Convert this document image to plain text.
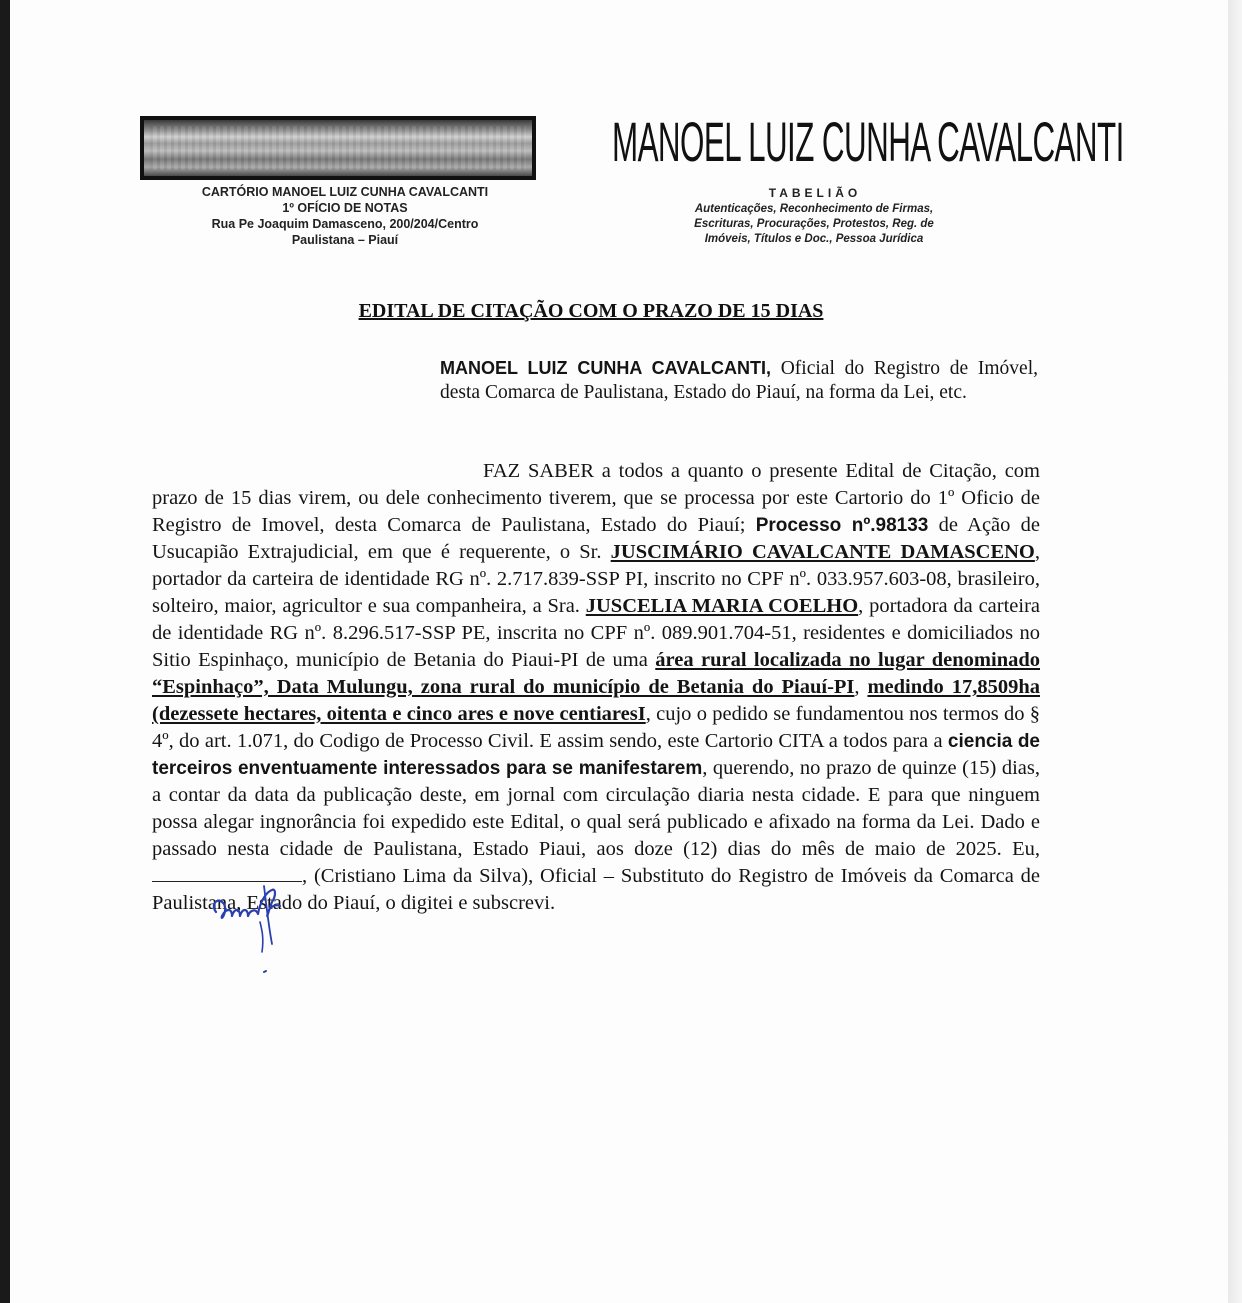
CARTÓRIO MANOEL LUIZ CUNHA CAVALCANTI
1º OFÍCIO DE NOTAS
Rua Pe Joaquim Damasceno, 200/204/Centro
Paulistana – Piauí
MANOEL LUIZ CUNHA CAVALCANTI
TABELIÃO
Autenticações, Reconhecimento de Firmas,
Escrituras, Procurações, Protestos, Reg. de
Imóveis, Títulos e Doc., Pessoa Jurídica
EDITAL DE CITAÇÃO COM O PRAZO DE 15 DIAS
MANOEL LUIZ CUNHA CAVALCANTI, Oficial do Registro de Imóvel, desta Comarca de Paulistana, Estado do Piauí, na forma da Lei, etc.
FAZ SABER a todos a quanto o presente Edital de Citação, com prazo de 15 dias virem, ou dele conhecimento tiverem, que se processa por este Cartorio do 1º Oficio de Registro de Imovel, desta Comarca de Paulistana, Estado do Piauí; Processo nº.98133 de Ação de Usucapião Extrajudicial, em que é requerente, o Sr. JUSCIMÁRIO CAVALCANTE DAMASCENO, portador da carteira de identidade RG nº. 2.717.839-SSP PI, inscrito no CPF nº. 033.957.603-08, brasileiro, solteiro, maior, agricultor e sua companheira, a Sra. JUSCELIA MARIA COELHO, portadora da carteira de identidade RG nº. 8.296.517-SSP PE, inscrita no CPF nº. 089.901.704-51, residentes e domiciliados no Sitio Espinhaço, município de Betania do Piaui-PI de uma área rural localizada no lugar denominado “Espinhaço”, Data Mulungu, zona rural do município de Betania do Piauí-PI, medindo 17,8509ha (dezessete hectares, oitenta e cinco ares e nove centiaresI, cujo o pedido se fundamentou nos termos do § 4º, do art. 1.071, do Codigo de Processo Civil. E assim sendo, este Cartorio CITA a todos para a ciencia de terceiros enventuamente interessados para se manifestarem, querendo, no prazo de quinze (15) dias, a contar da data da publicação deste, em jornal com circulação diaria nesta cidade. E para que ninguem possa alegar ingnorância foi expedido este Edital, o qual será publicado e afixado na forma da Lei. Dado e passado nesta cidade de Paulistana, Estado Piaui, aos doze (12) dias do mês de maio de 2025. Eu,, (Cristiano Lima da Silva), Oficial – Substituto do Registro de Imóveis da Comarca de Paulistana, Estado do Piauí, o digitei e subscrevi.
